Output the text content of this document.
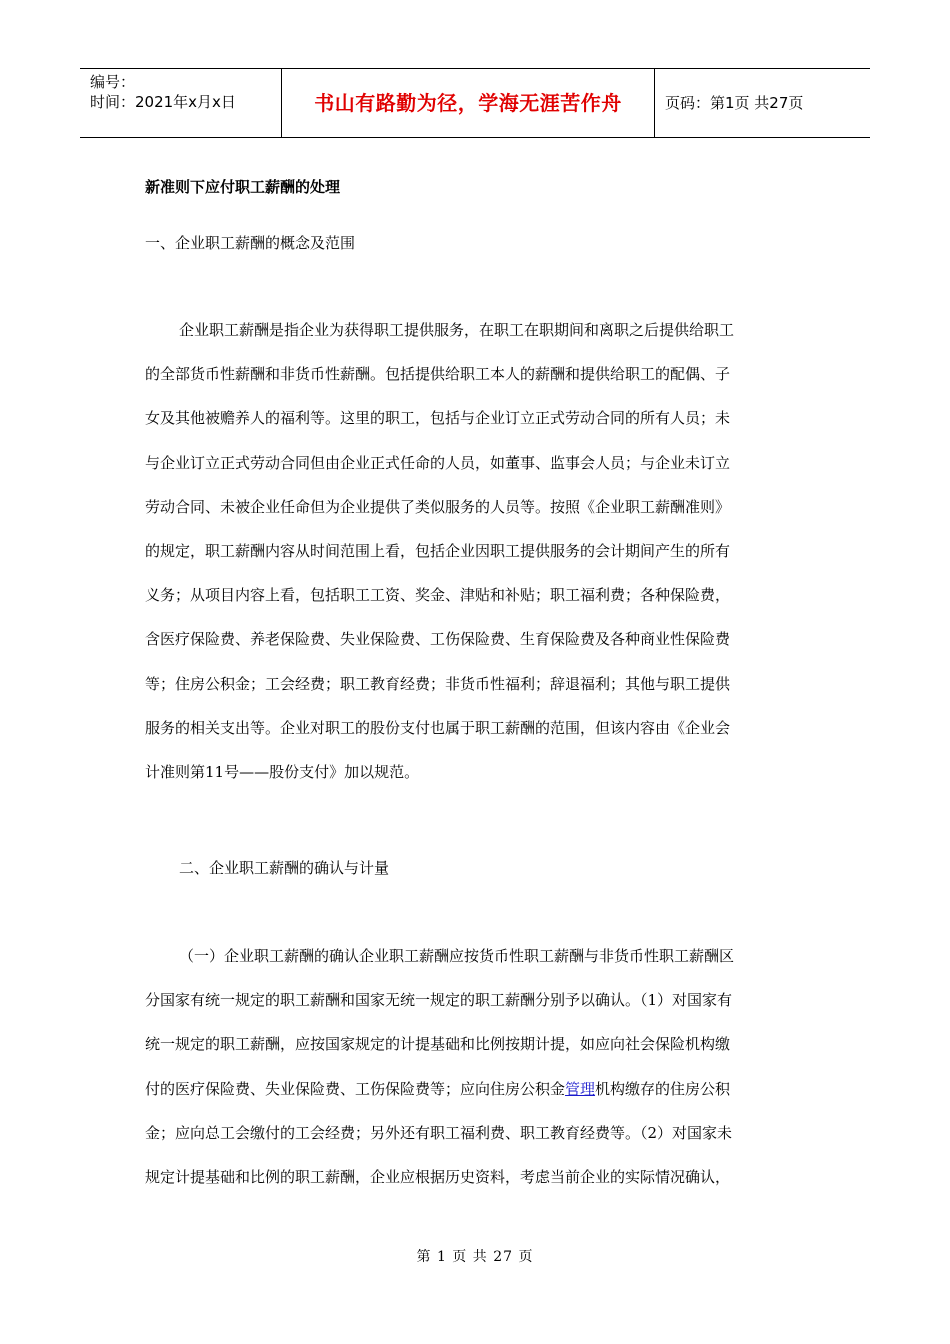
编号：
时间：2021年x月x日	书山有路勤为径，学海无涯苦作舟	页码：第1页 共27页
新准则下应付职工薪酬的处理
一、企业职工薪酬的概念及范围
企业职工薪酬是指企业为获得职工提供服务，在职工在职期间和离职之后提供给职工
的全部货币性薪酬和非货币性薪酬。包括提供给职工本人的薪酬和提供给职工的配偶、子
女及其他被赡养人的福利等。这里的职工，包括与企业订立正式劳动合同的所有人员；未
与企业订立正式劳动合同但由企业正式任命的人员，如董事、监事会人员；与企业未订立
劳动合同、未被企业任命但为企业提供了类似服务的人员等。按照《企业职工薪酬准则》
的规定，职工薪酬内容从时间范围上看，包括企业因职工提供服务的会计期间产生的所有
义务；从项目内容上看，包括职工工资、奖金、津贴和补贴；职工福利费；各种保险费，
含医疗保险费、养老保险费、失业保险费、工伤保险费、生育保险费及各种商业性保险费
等；住房公积金；工会经费；职工教育经费；非货币性福利；辞退福利；其他与职工提供
服务的相关支出等。企业对职工的股份支付也属于职工薪酬的范围，但该内容由《企业会
计准则第11号——股份支付》加以规范。
二、企业职工薪酬的确认与计量
（一）企业职工薪酬的确认企业职工薪酬应按货币性职工薪酬与非货币性职工薪酬区
分国家有统一规定的职工薪酬和国家无统一规定的职工薪酬分别予以确认。（1）对国家有
统一规定的职工薪酬，应按国家规定的计提基础和比例按期计提，如应向社会保险机构缴
付的医疗保险费、失业保险费、工伤保险费等；应向住房公积金管理机构缴存的住房公积
金；应向总工会缴付的工会经费；另外还有职工福利费、职工教育经费等。（2）对国家未
规定计提基础和比例的职工薪酬，企业应根据历史资料，考虑当前企业的实际情况确认，
第 1 页 共 27 页
